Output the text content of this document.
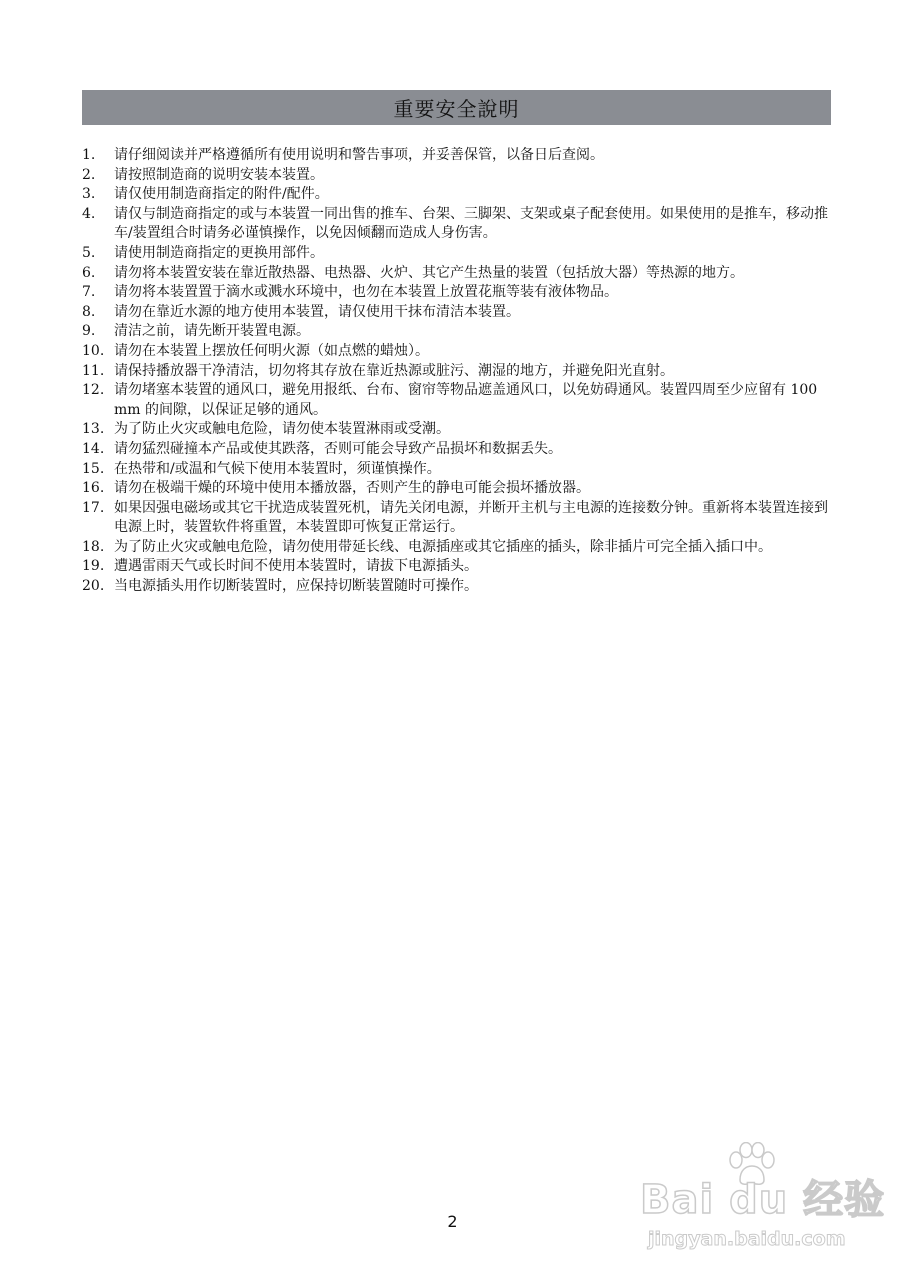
重要安全說明
1.	请仔细阅读并严格遵循所有使用说明和警告事项，并妥善保管，以备日后查阅。
2.	请按照制造商的说明安装本装置。
3.	请仅使用制造商指定的附件/配件。
4.	请仅与制造商指定的或与本装置一同出售的推车、台架、三脚架、支架或桌子配套使用。如果使用的是推车，移动推车/装置组合时请务必谨慎操作，以免因倾翻而造成人身伤害。
5.	请使用制造商指定的更换用部件。
6.	请勿将本装置安装在靠近散热器、电热器、火炉、其它产生热量的装置（包括放大器）等热源的地方。
7.	请勿将本装置置于滴水或溅水环境中，也勿在本装置上放置花瓶等装有液体物品。
8.	请勿在靠近水源的地方使用本装置，请仅使用干抹布清洁本装置。
9.	清洁之前，请先断开装置电源。
10. 请勿在本装置上摆放任何明火源（如点燃的蜡烛）。
11. 请保持播放器干净清洁，切勿将其存放在靠近热源或脏污、潮湿的地方，并避免阳光直射。
12. 请勿堵塞本装置的通风口，避免用报纸、台布、窗帘等物品遮盖通风口，以免妨碍通风。装置四周至少应留有 100 mm 的间隙，以保证足够的通风。
13. 为了防止火灾或触电危险，请勿使本装置淋雨或受潮。
14. 请勿猛烈碰撞本产品或使其跌落，否则可能会导致产品损坏和数据丢失。
15. 在热带和/或温和气候下使用本装置时，须谨慎操作。
16. 请勿在极端干燥的环境中使用本播放器，否则产生的静电可能会损坏播放器。
17. 如果因强电磁场或其它干扰造成装置死机，请先关闭电源，并断开主机与主电源的连接数分钟。重新将本装置连接到电源上时，装置软件将重置，本装置即可恢复正常运行。
18. 为了防止火灾或触电危险，请勿使用带延长线、电源插座或其它插座的插头，除非插片可完全插入插口中。
19. 遭遇雷雨天气或长时间不使用本装置时，请拔下电源插头。
20. 当电源插头用作切断装置时，应保持切断装置随时可操作。
2	Bai du 经验
jingyan.baidu.com
